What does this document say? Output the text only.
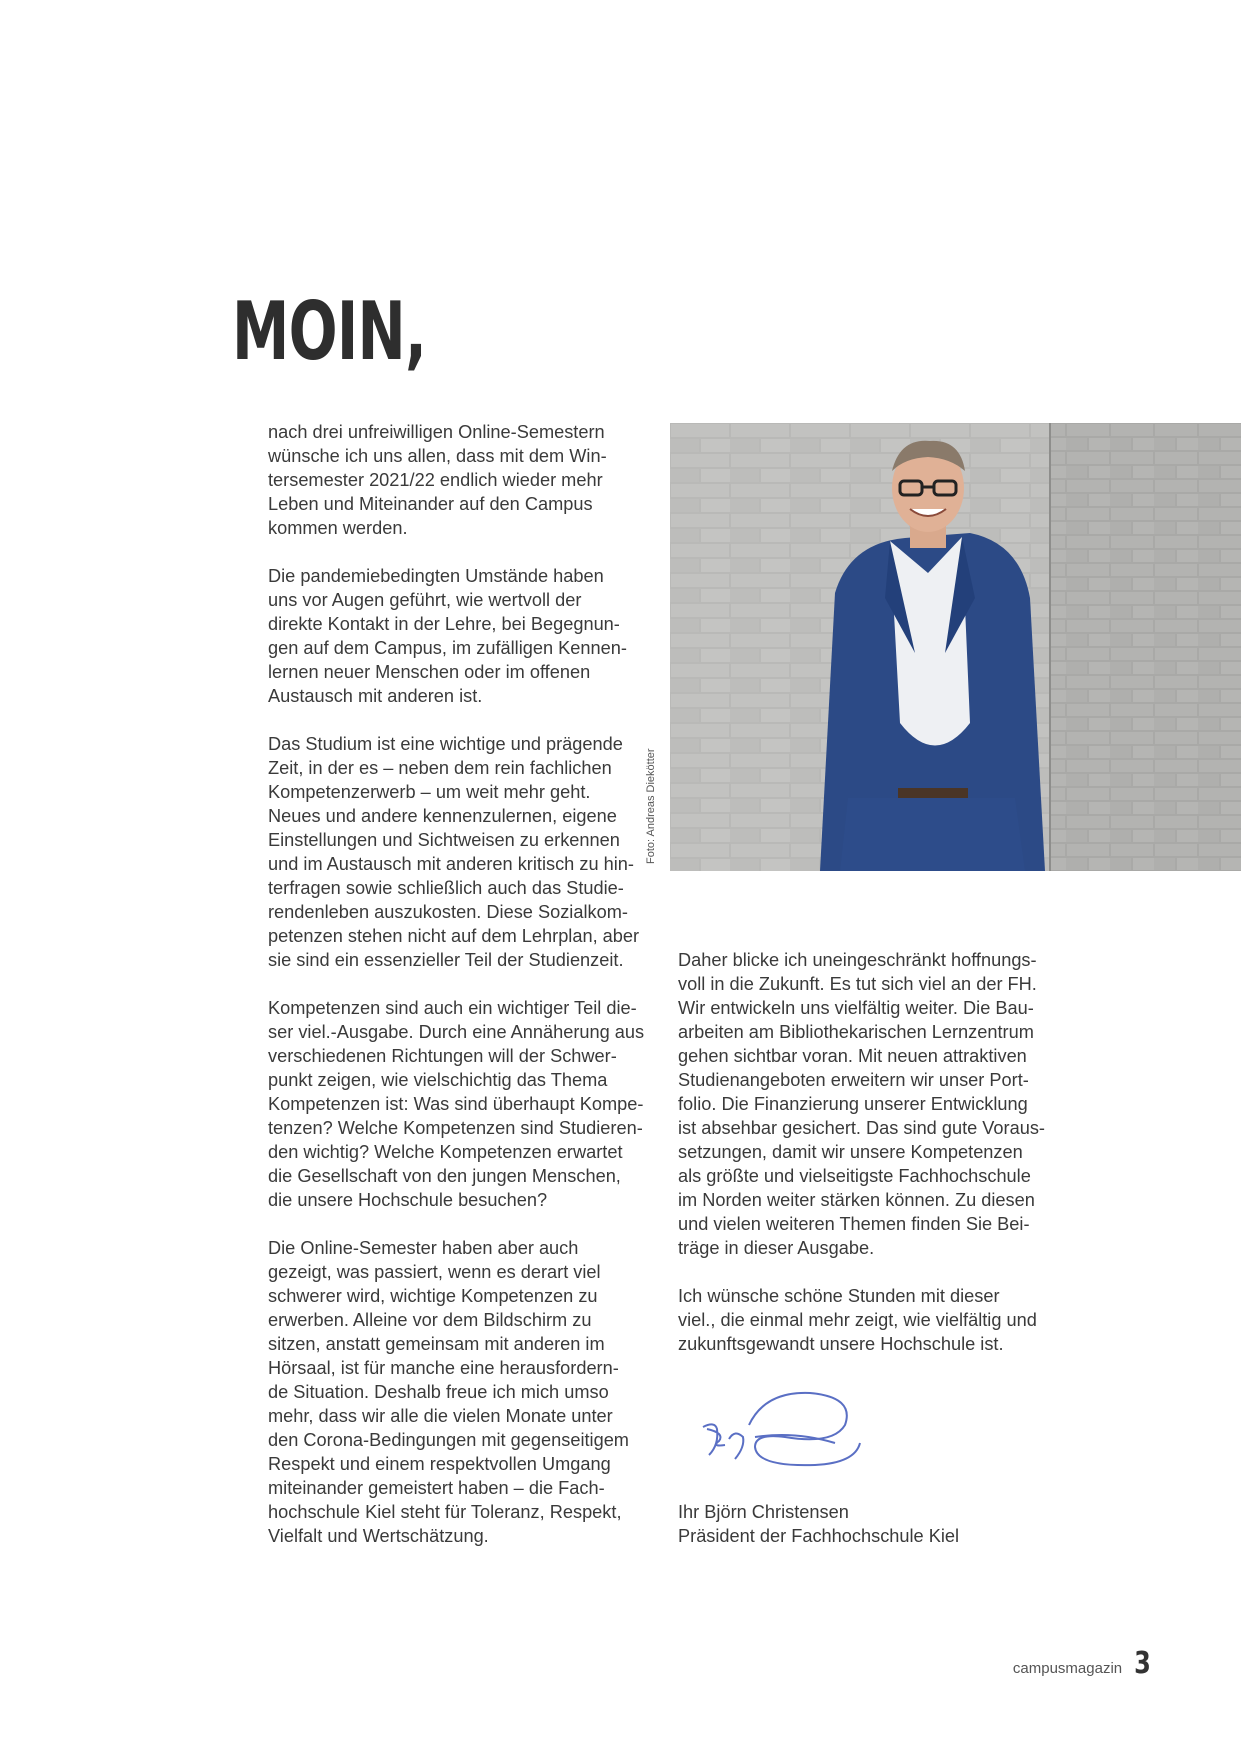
MOIN,

nach drei unfreiwilligen Online-Semestern
wünsche ich uns allen, dass mit dem Win-
tersemester 2021/22 endlich wieder mehr
Leben und Miteinander auf den Campus
kommen werden.

Die pandemiebedingten Umstände haben
uns vor Augen geführt, wie wertvoll der
direkte Kontakt in der Lehre, bei Begegnun-
gen auf dem Campus, im zufälligen Kennen-
lernen neuer Menschen oder im offenen
Austausch mit anderen ist.

Das Studium ist eine wichtige und prägende
Zeit, in der es – neben dem rein fachlichen
Kompetenzerwerb – um weit mehr geht.
Neues und andere kennenzulernen, eigene
Einstellungen und Sichtweisen zu erkennen
und im Austausch mit anderen kritisch zu hin-
terfragen sowie schließlich auch das Studie-
rendenleben auszukosten. Diese Sozialkom-
petenzen stehen nicht auf dem Lehrplan, aber
sie sind ein essenzieller Teil der Studienzeit.

Kompetenzen sind auch ein wichtiger Teil die-
ser viel.-Ausgabe. Durch eine Annäherung aus
verschiedenen Richtungen will der Schwer-
punkt zeigen, wie vielschichtig das Thema
Kompetenzen ist: Was sind überhaupt Kompe-
tenzen? Welche Kompetenzen sind Studieren-
den wichtig? Welche Kompetenzen erwartet
die Gesellschaft von den jungen Menschen,
die unsere Hochschule besuchen?

Die Online-Semester haben aber auch
gezeigt, was passiert, wenn es derart viel
schwerer wird, wichtige Kompetenzen zu
erwerben. Alleine vor dem Bildschirm zu
sitzen, anstatt gemeinsam mit anderen im
Hörsaal, ist für manche eine herausfordern-
de Situation. Deshalb freue ich mich umso
mehr, dass wir alle die vielen Monate unter
den Corona-Bedingungen mit gegenseitigem
Respekt und einem respektvollen Umgang
miteinander gemeistert haben – die Fach-
hochschule Kiel steht für Toleranz, Respekt,
Vielfalt und Wertschätzung.

Foto: Andreas Diekötter

Daher blicke ich uneingeschränkt hoffnungs-
voll in die Zukunft. Es tut sich viel an der FH.
Wir entwickeln uns vielfältig weiter. Die Bau-
arbeiten am Bibliothekarischen Lernzentrum
gehen sichtbar voran. Mit neuen attraktiven
Studienangeboten erweitern wir unser Port-
folio. Die Finanzierung unserer Entwicklung
ist absehbar gesichert. Das sind gute Voraus-
setzungen, damit wir unsere Kompetenzen
als größte und vielseitigste Fachhochschule
im Norden weiter stärken können. Zu diesen
und vielen weiteren Themen finden Sie Bei-
träge in dieser Ausgabe.

Ich wünsche schöne Stunden mit dieser
viel., die einmal mehr zeigt, wie vielfältig und
zukunftsgewandt unsere Hochschule ist.

Ihr Björn Christensen
Präsident der Fachhochschule Kiel
campusmagazin 3
